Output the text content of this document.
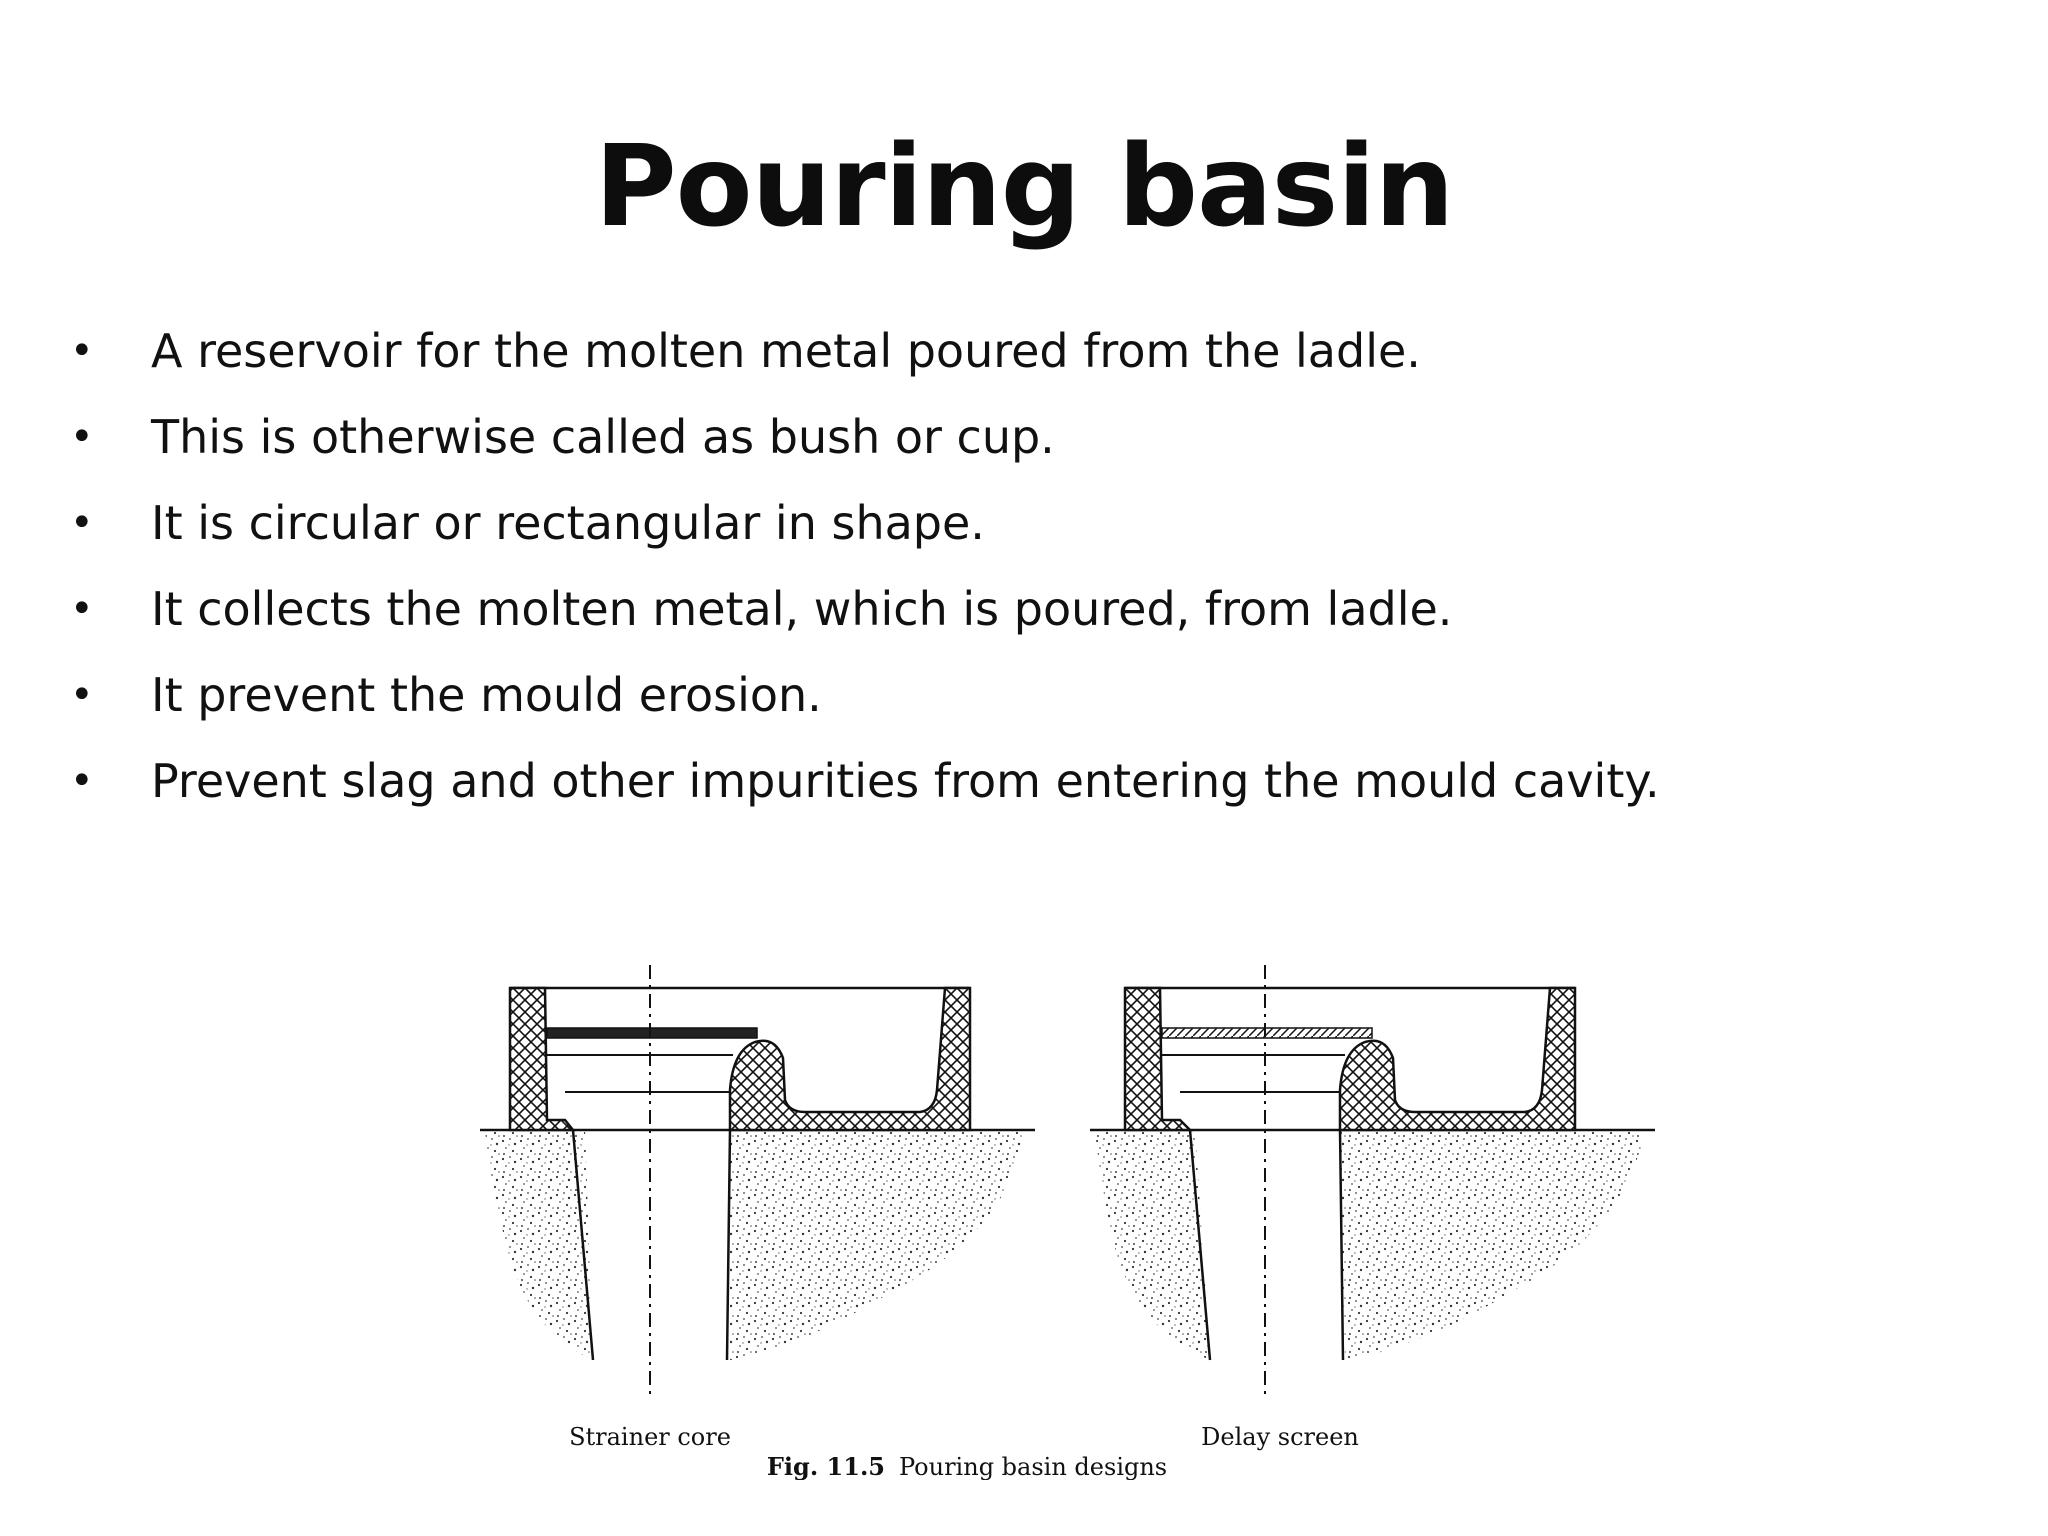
Pouring basin
•	A reservoir for the molten metal poured from the ladle.
•	This is otherwise called as bush or cup.
•	It is circular or rectangular in shape.
•	It collects the molten metal, which is poured, from ladle.
•	It prevent the mould erosion.
•	Prevent slag and other impurities from entering the mould cavity.
Strainer core	Delay screen
Fig. 11.5 Pouring basin designs
